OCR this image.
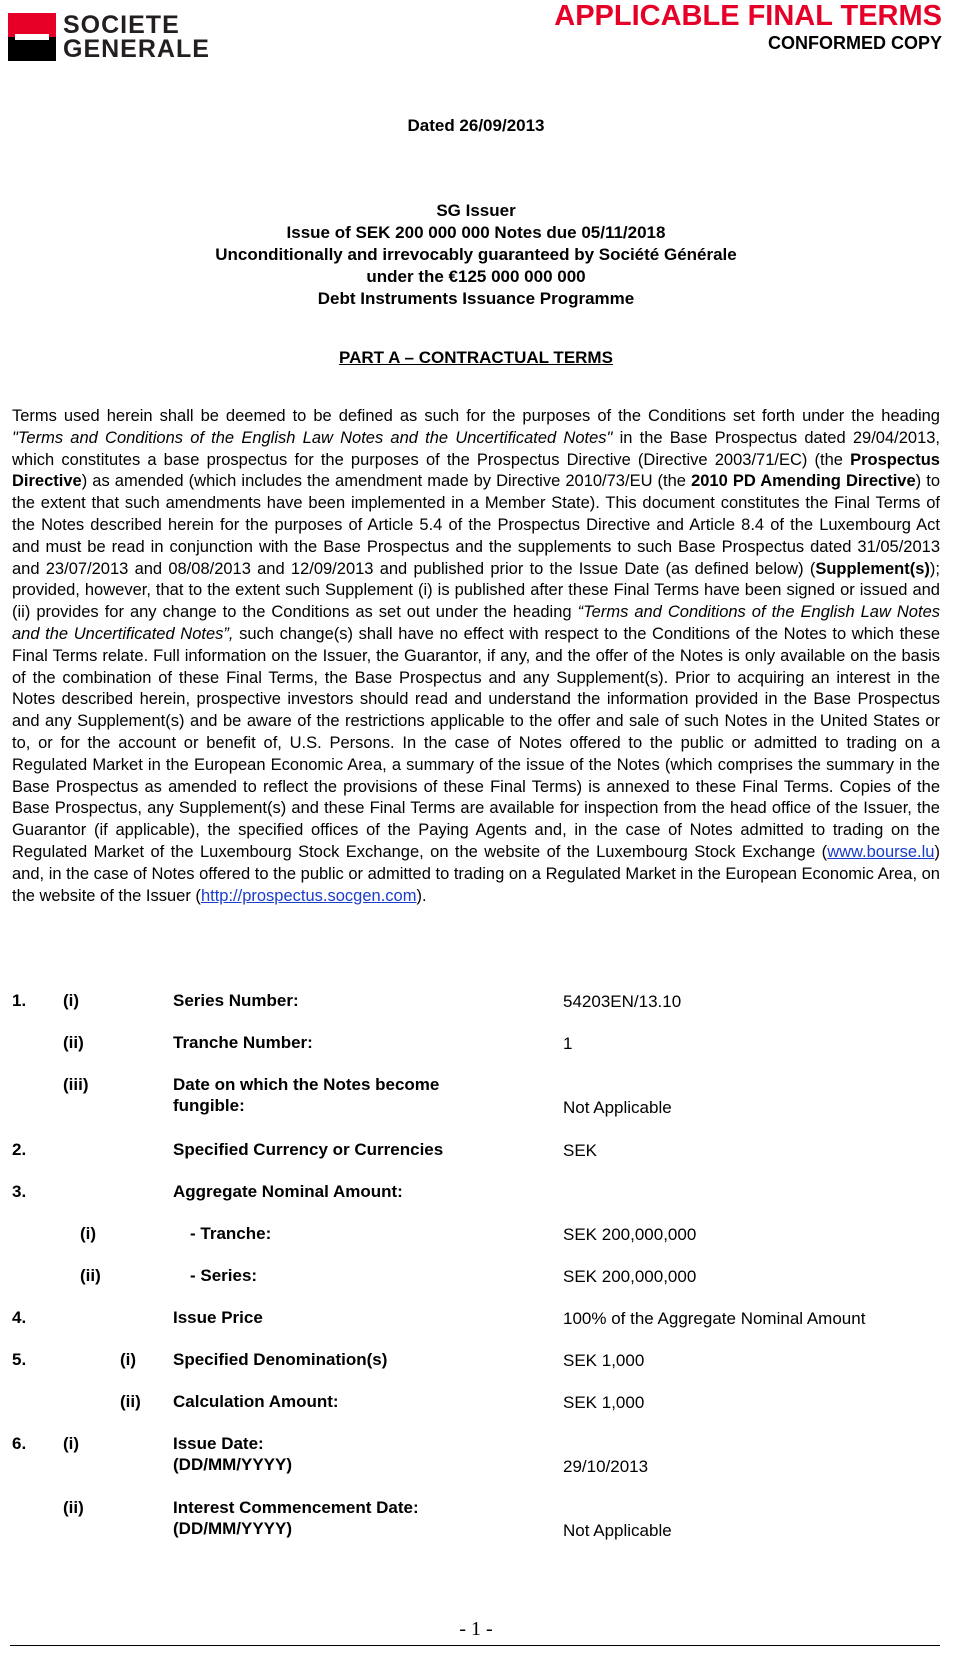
SOCIETE
GENERALE
APPLICABLE FINAL TERMS
CONFORMED COPY
Dated 26/09/2013
SG Issuer
Issue of SEK 200 000 000 Notes due 05/11/2018
Unconditionally and irrevocably guaranteed by Société Générale
under the €125 000 000 000
Debt Instruments Issuance Programme
PART A – CONTRACTUAL TERMS

Terms used herein shall be deemed to be defined as such for the purposes of the Conditions set forth under the heading "Terms and Conditions of the English Law Notes and the Uncertificated Notes" in the Base Prospectus dated 29/04/2013, which constitutes a base prospectus for the purposes of the Prospectus Directive (Directive 2003/71/EC) (the Prospectus Directive) as amended (which includes the amendment made by Directive 2010/73/EU (the 2010 PD Amending Directive) to the extent that such amendments have been implemented in a Member State). This document constitutes the Final Terms of the Notes described herein for the purposes of Article 5.4 of the Prospectus Directive and Article 8.4 of the Luxembourg Act and must be read in conjunction with the Base Prospectus and the supplements to such Base Prospectus dated 31/05/2013 and 23/07/2013 and 08/08/2013 and 12/09/2013 and published prior to the Issue Date (as defined below) (Supplement(s)); provided, however, that to the extent such Supplement (i) is published after these Final Terms have been signed or issued and (ii) provides for any change to the Conditions as set out under the heading “Terms and Conditions of the English Law Notes and the Uncertificated Notes”, such change(s) shall have no effect with respect to the Conditions of the Notes to which these Final Terms relate. Full information on the Issuer, the Guarantor, if any, and the offer of the Notes is only available on the basis of the combination of these Final Terms, the Base Prospectus and any Supplement(s). Prior to acquiring an interest in the Notes described herein, prospective investors should read and understand the information provided in the Base Prospectus and any Supplement(s) and be aware of the restrictions applicable to the offer and sale of such Notes in the United States or to, or for the account or benefit of, U.S. Persons. In the case of Notes offered to the public or admitted to trading on a Regulated Market in the European Economic Area, a summary of the issue of the Notes (which comprises the summary in the Base Prospectus as amended to reflect the provisions of these Final Terms) is annexed to these Final Terms. Copies of the Base Prospectus, any Supplement(s) and these Final Terms are available for inspection from the head office of the Issuer, the Guarantor (if applicable), the specified offices of the Paying Agents and, in the case of Notes admitted to trading on the Regulated Market of the Luxembourg Stock Exchange, on the website of the Luxembourg Stock Exchange (www.bourse.lu) and, in the case of Notes offered to the public or admitted to trading on a Regulated Market in the European Economic Area, on the website of the Issuer (http://prospectus.socgen.com).

1. (i)	Series Number:	54203EN/13.10
(ii)	Tranche Number:	1
(iii)	Date on which the Notes become
fungible:	Not Applicable
2.	Specified Currency or Currencies	SEK
3.	Aggregate Nominal Amount:
(i)	- Tranche:	SEK 200,000,000
(ii)	- Series:	SEK 200,000,000
4.	Issue Price	100% of the Aggregate Nominal Amount
5.	(i) Specified Denomination(s)	SEK 1,000
(ii) Calculation Amount:	SEK 1,000
6. (i)	Issue Date:
(DD/MM/YYYY)	29/10/2013
(ii)	Interest Commencement Date:
(DD/MM/YYYY)	Not Applicable
- 1 -
